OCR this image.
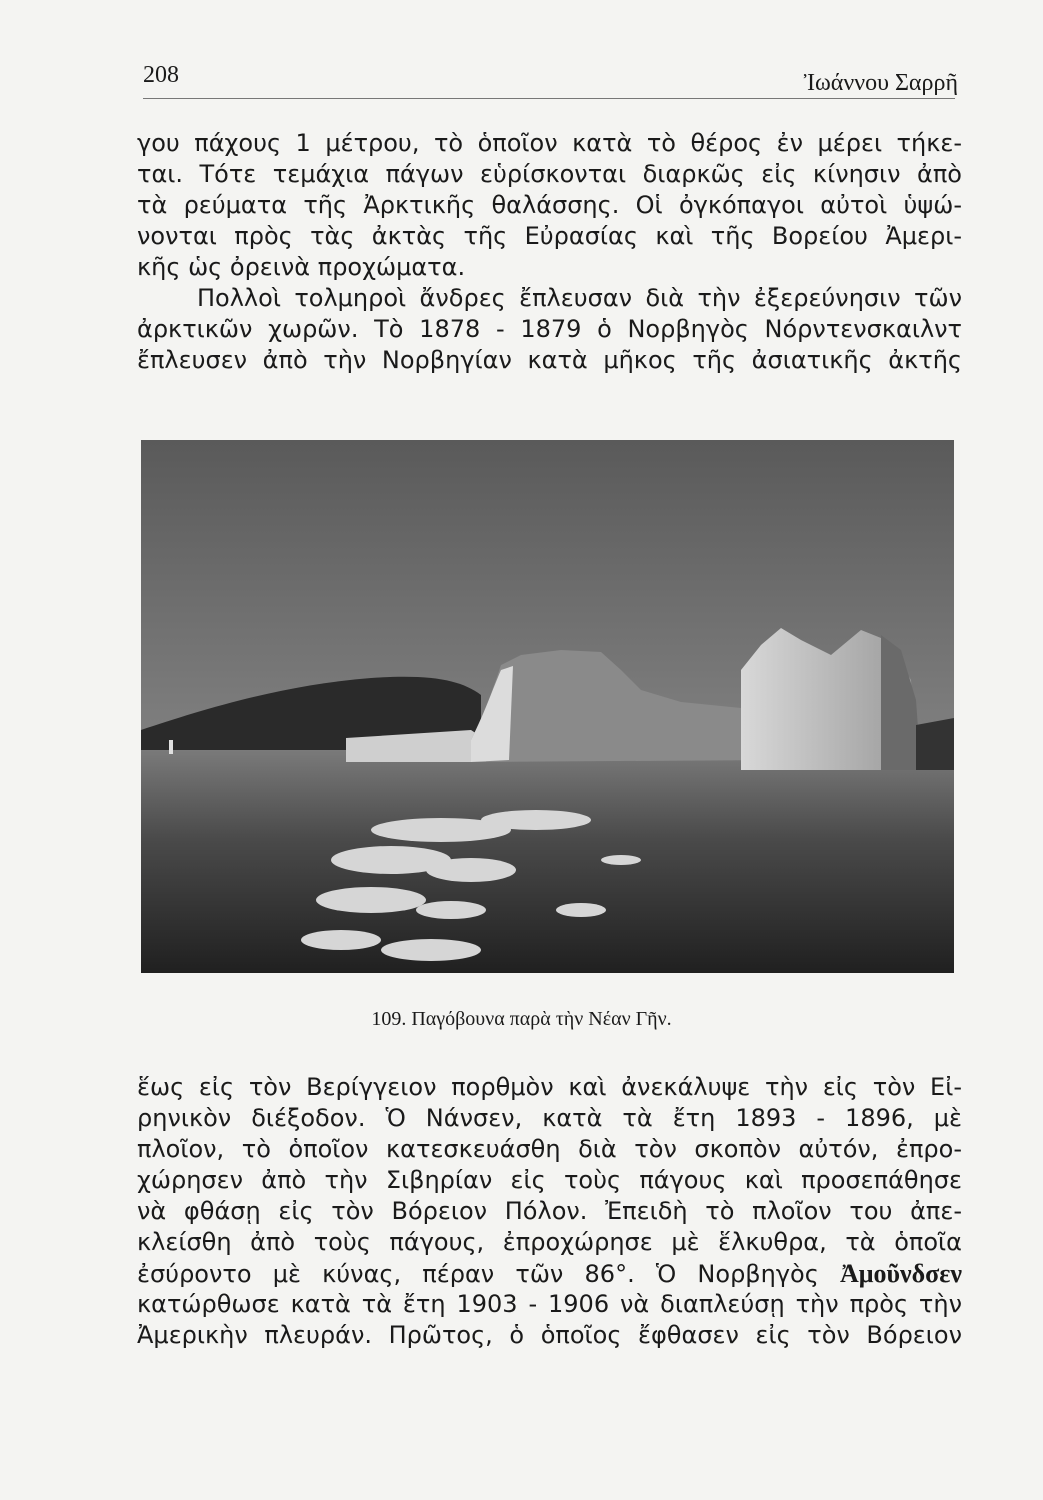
208	Ἰωάννου Σαρρῆ
γου πάχους 1 μέτρου, τὸ ὁποῖον κατὰ τὸ θέρος ἐν μέρει τήκε-
ται. Τότε τεμάχια πάγων εὑρίσκονται διαρκῶς εἰς κίνησιν ἀπὸ
τὰ ρεύματα τῆς Ἀρκτικῆς θαλάσσης. Οἱ ὀγκόπαγοι αὐτοὶ ὑψώ-
νονται πρὸς τὰς ἀκτὰς τῆς Εὐρασίας καὶ τῆς Βορείου Ἀμερι-
κῆς ὡς ὀρεινὰ προχώματα.
Πολλοὶ τολμηροὶ ἄνδρες ἔπλευσαν διὰ τὴν ἐξερεύνησιν τῶν
ἀρκτικῶν χωρῶν. Τὸ 1878 - 1879 ὁ Νορβηγὸς Νόρντενσκαιλντ
ἔπλευσεν ἀπὸ τὴν Νορβηγίαν κατὰ μῆκος τῆς ἀσιατικῆς ἀκτῆς
109. Παγόβουνα παρὰ τὴν Νέαν Γῆν.
ἕως εἰς τὸν Βερίγγειον πορθμὸν καὶ ἀνεκάλυψε τὴν εἰς τὸν Εἰ-
ρηνικὸν διέξοδον. Ὁ Νάνσεν, κατὰ τὰ ἔτη 1893 - 1896, μὲ
πλοῖον, τὸ ὁποῖον κατεσκευάσθη διὰ τὸν σκοπὸν αὐτόν, ἐπρο-
χώρησεν ἀπὸ τὴν Σιβηρίαν εἰς τοὺς πάγους καὶ προσεπάθησε
νὰ φθάσῃ εἰς τὸν Βόρειον Πόλον. Ἐπειδὴ τὸ πλοῖον του ἀπε-
κλείσθη ἀπὸ τοὺς πάγους, ἐπροχώρησε μὲ ἕλκυθρα, τὰ ὁποῖα
ἐσύροντο μὲ κύνας, πέραν τῶν 86°. Ὁ Νορβηγὸς Ἀμοῦνδσεν
κατώρθωσε κατὰ τὰ ἔτη 1903 - 1906 νὰ διαπλεύσῃ τὴν πρὸς τὴν
Ἀμερικὴν πλευράν. Πρῶτος, ὁ ὁποῖος ἔφθασεν εἰς τὸν Βόρειον
